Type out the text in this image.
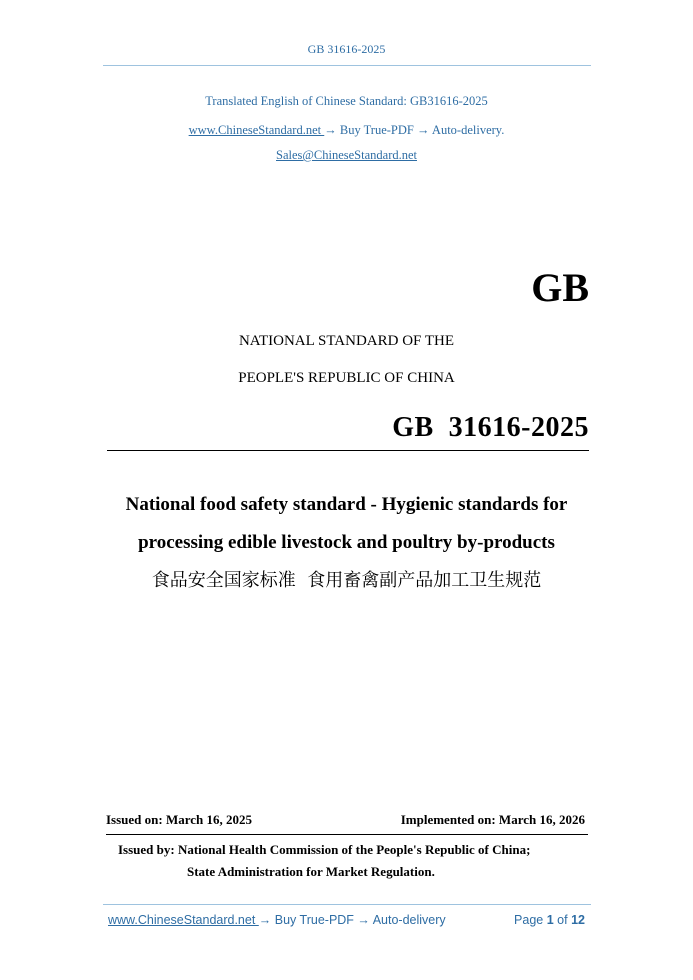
GB 31616-2025
Translated English of Chinese Standard: GB31616-2025
www.ChineseStandard.net → Buy True-PDF → Auto-delivery.
Sales@ChineseStandard.net
GB
NATIONAL STANDARD OF THE
PEOPLE'S REPUBLIC OF CHINA
GB  31616-2025
National food safety standard - Hygienic standards for
processing edible livestock and poultry by-products
食品安全国家标准  食用畜禽副产品加工卫生规范
Issued on: March 16, 2025	Implemented on: March 16, 2026
Issued by: National Health Commission of the People's Republic of China;
State Administration for Market Regulation.
www.ChineseStandard.net → Buy True-PDF → Auto-delivery	Page 1 of 12
